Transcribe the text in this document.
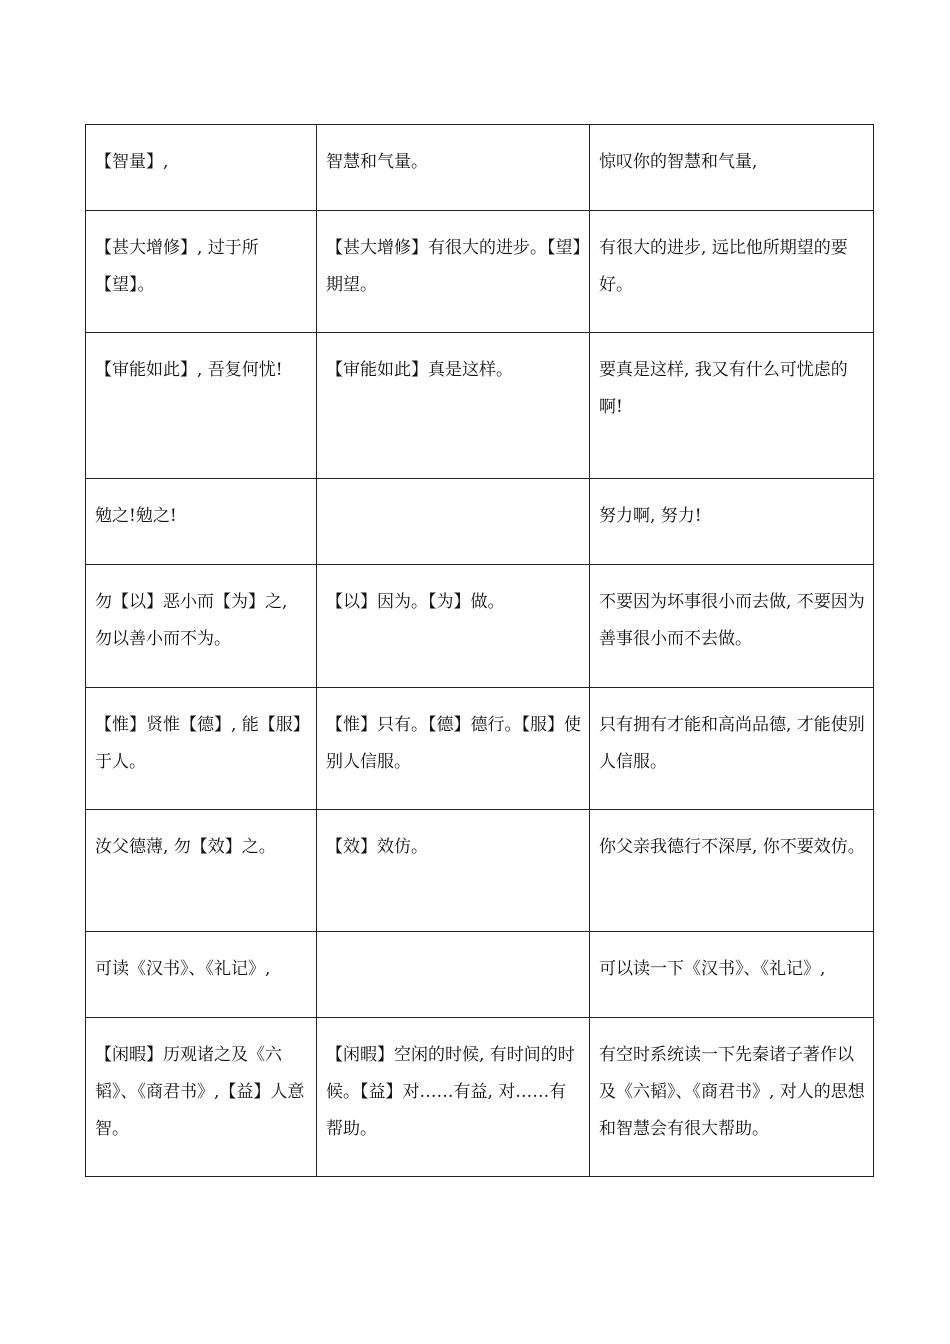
【智量】,	智慧和气量。	惊叹你的智慧和气量,
【甚大增修】, 过于所【望】。	【甚大增修】有很大的进步。【望】期望。	有很大的进步, 远比他所期望的要好。
【审能如此】, 吾复何忧!	【审能如此】真是这样。	要真是这样, 我又有什么可忧虑的啊!
勉之!勉之!		努力啊, 努力!
勿【以】恶小而【为】之, 勿以善小而不为。	【以】因为。【为】做。	不要因为坏事很小而去做, 不要因为善事很小而不去做。
【惟】贤惟【德】, 能【服】于人。	【惟】只有。【德】德行。【服】使别人信服。	只有拥有才能和高尚品德, 才能使别人信服。
汝父德薄, 勿【效】之。	【效】效仿。	你父亲我德行不深厚, 你不要效仿。
可读《汉书》、《礼记》,		可以读一下《汉书》、《礼记》,
【闲暇】历观诸之及《六韬》、《商君书》,【益】人意智。	【闲暇】空闲的时候, 有时间的时候。【益】对……有益, 对……有帮助。	有空时系统读一下先秦诸子著作以及《六韬》、《商君书》, 对人的思想和智慧会有很大帮助。
